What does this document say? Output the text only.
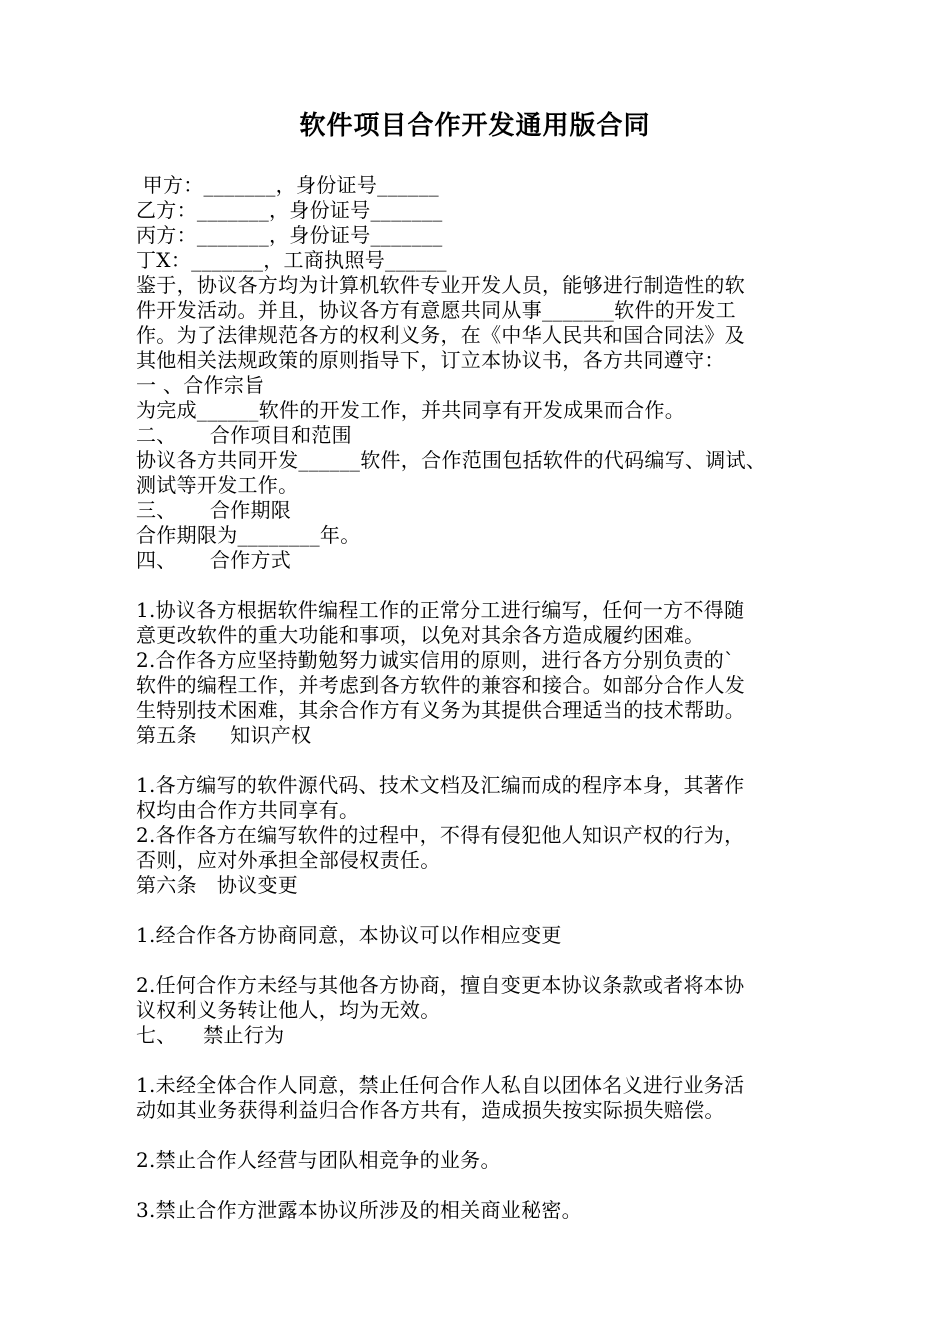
软件项目合作开发通用版合同
甲方：_______，身份证号______
乙方：_______，身份证号_______
丙方：_______，身份证号_______
丁X：_______，工商执照号______
鉴于，协议各方均为计算机软件专业开发人员，能够进行制造性的软
件开发活动。并且，协议各方有意愿共同从事_______软件的开发工
作。为了法律规范各方的权利义务，在《中华人民共和国合同法》及
其他相关法规政策的原则指导下，订立本协议书，各方共同遵守：
一 、合作宗旨
为完成______软件的开发工作，并共同享有开发成果而合作。
二、     合作项目和范围
协议各方共同开发______软件，合作范围包括软件的代码编写、调试、
测试等开发工作。
三、     合作期限
合作期限为________年。
四、     合作方式
1.协议各方根据软件编程工作的正常分工进行编写，任何一方不得随
意更改软件的重大功能和事项，以免对其余各方造成履约困难。
2.合作各方应坚持勤勉努力诚实信用的原则，进行各方分别负责的`
软件的编程工作，并考虑到各方软件的兼容和接合。如部分合作人发
生特别技术困难，其余合作方有义务为其提供合理适当的技术帮助。
第五条     知识产权
1.各方编写的软件源代码、技术文档及汇编而成的程序本身，其著作
权均由合作方共同享有。
2.各作各方在编写软件的过程中，不得有侵犯他人知识产权的行为，
否则，应对外承担全部侵权责任。
第六条   协议变更
1.经合作各方协商同意，本协议可以作相应变更
2.任何合作方未经与其他各方协商，擅自变更本协议条款或者将本协
议权利义务转让他人，均为无效。
七、    禁止行为
1.未经全体合作人同意，禁止任何合作人私自以团体名义进行业务活
动如其业务获得利益归合作各方共有，造成损失按实际损失赔偿。
2.禁止合作人经营与团队相竞争的业务。
3.禁止合作方泄露本协议所涉及的相关商业秘密。
